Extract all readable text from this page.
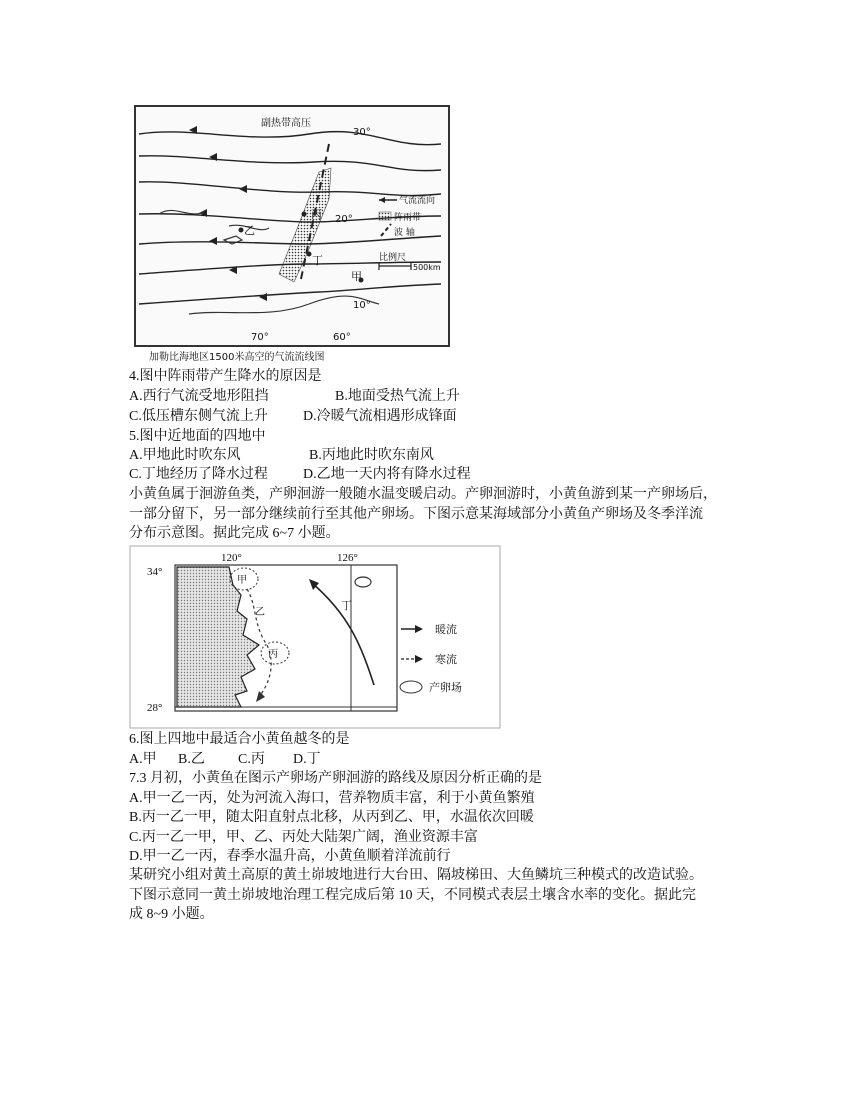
副热带高压
30°
20°
10°
70°	60°
乙
丙
丁
甲
气流流向
阵雨带
波 轴
比例尺
500km
加勒比海地区1500米高空的气流流线图
4.图中阵雨带产生降水的原因是
A.西行气流受地形阻挡	B.地面受热气流上升
C.低压槽东侧气流上升	D.冷暖气流相遇形成锋面
5.图中近地面的四地中
A.甲地此时吹东风	B.丙地此时吹东南风
C.丁地经历了降水过程	D.乙地一天内将有降水过程
小黄鱼属于洄游鱼类，产卵洄游一般随水温变暖启动。产卵洄游时，小黄鱼游到某一产卵场后，
一部分留下，另一部分继续前行至其他产卵场。下图示意某海域部分小黄鱼产卵场及冬季洋流
分布示意图。据此完成 6~7 小题。
120°	126°
34°
28°
甲
乙
丙
丁
暖流
寒流
产卵场
6.图上四地中最适合小黄鱼越冬的是
A.甲 B.乙 C.丙 D.丁
7.3 月初，小黄鱼在图示产卵场产卵洄游的路线及原因分析正确的是
A.甲一乙一丙，处为河流入海口，营养物质丰富，利于小黄鱼繁殖
B.丙一乙一甲，随太阳直射点北移，从丙到乙、甲，水温依次回暖
C.丙一乙一甲，甲、乙、丙处大陆架广阔，渔业资源丰富
D.甲一乙一丙，春季水温升高，小黄鱼顺着洋流前行
某研究小组对黄土高原的黄土峁坡地进行大台田、隔坡梯田、大鱼鳞坑三种模式的改造试验。
下图示意同一黄土峁坡地治理工程完成后第 10 天，不同模式表层土壤含水率的变化。据此完
成 8~9 小题。
